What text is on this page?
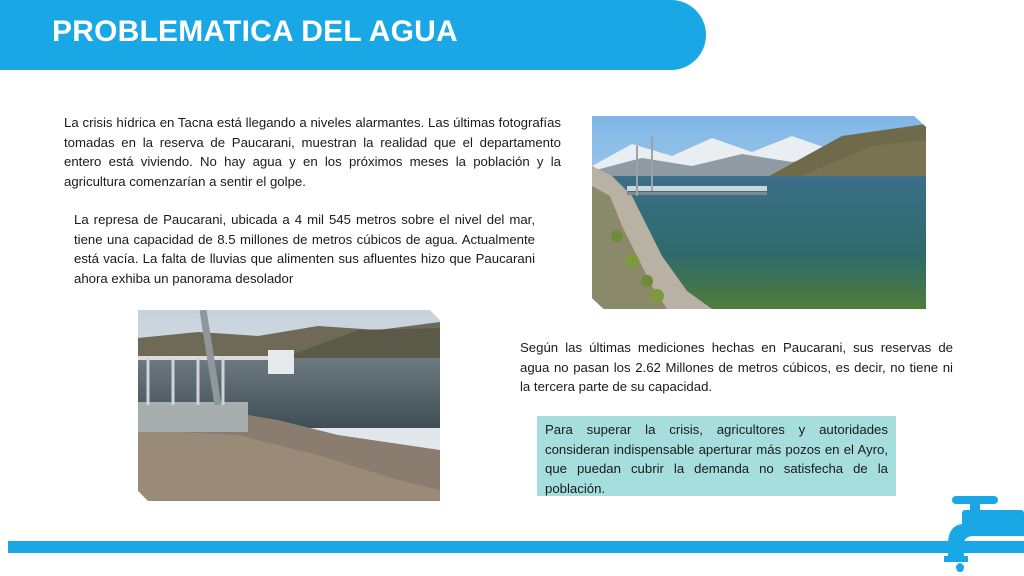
PROBLEMATICA DEL AGUA

La crisis hídrica en Tacna está llegando a niveles alarmantes. Las últimas fotografías tomadas en la reserva de Paucarani, muestran la realidad que el departamento entero está viviendo. No hay agua y en los próximos meses la población y la agricultura comenzarían a sentir el golpe.

La represa de Paucarani, ubicada a 4 mil 545 metros sobre el nivel del mar, tiene una capacidad de 8.5 millones de metros cúbicos de agua. Actualmente está vacía. La falta de lluvias que alimenten sus afluentes hizo que Paucarani ahora exhiba un panorama desolador

Según las últimas mediciones hechas en Paucarani, sus reservas de agua no pasan los 2.62 Millones de metros cúbicos, es decir, no tiene ni la tercera parte de su capacidad.

Para superar la crisis, agricultores y autoridades consideran indispensable aperturar más pozos en el Ayro, que puedan cubrir la demanda no satisfecha de la población.
